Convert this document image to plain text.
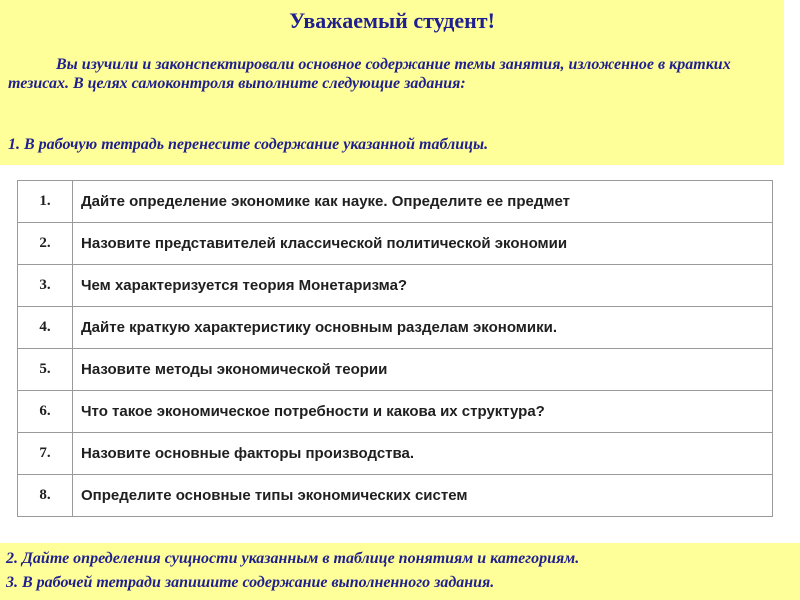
Уважаемый студент!
Вы изучили и законспектировали основное содержание темы занятия, изложенное в кратких тезисах. В целях самоконтроля выполните следующие задания:
1. В рабочую тетрадь перенесите содержание указанной таблицы.
1.	Дайте определение экономике как науке. Определите ее предмет
2.	Назовите представителей классической политической экономии
3.	Чем характеризуется теория Монетаризма?
4.	Дайте краткую характеристику основным разделам экономики.
5.	Назовите методы экономической теории
6.	Что такое экономическое потребности и какова их структура?
7.	Назовите основные факторы производства.
8.	Определите основные типы экономических систем
2. Дайте определения сущности указанным в таблице понятиям и категориям.
3. В рабочей тетради запишите содержание выполненного задания.
